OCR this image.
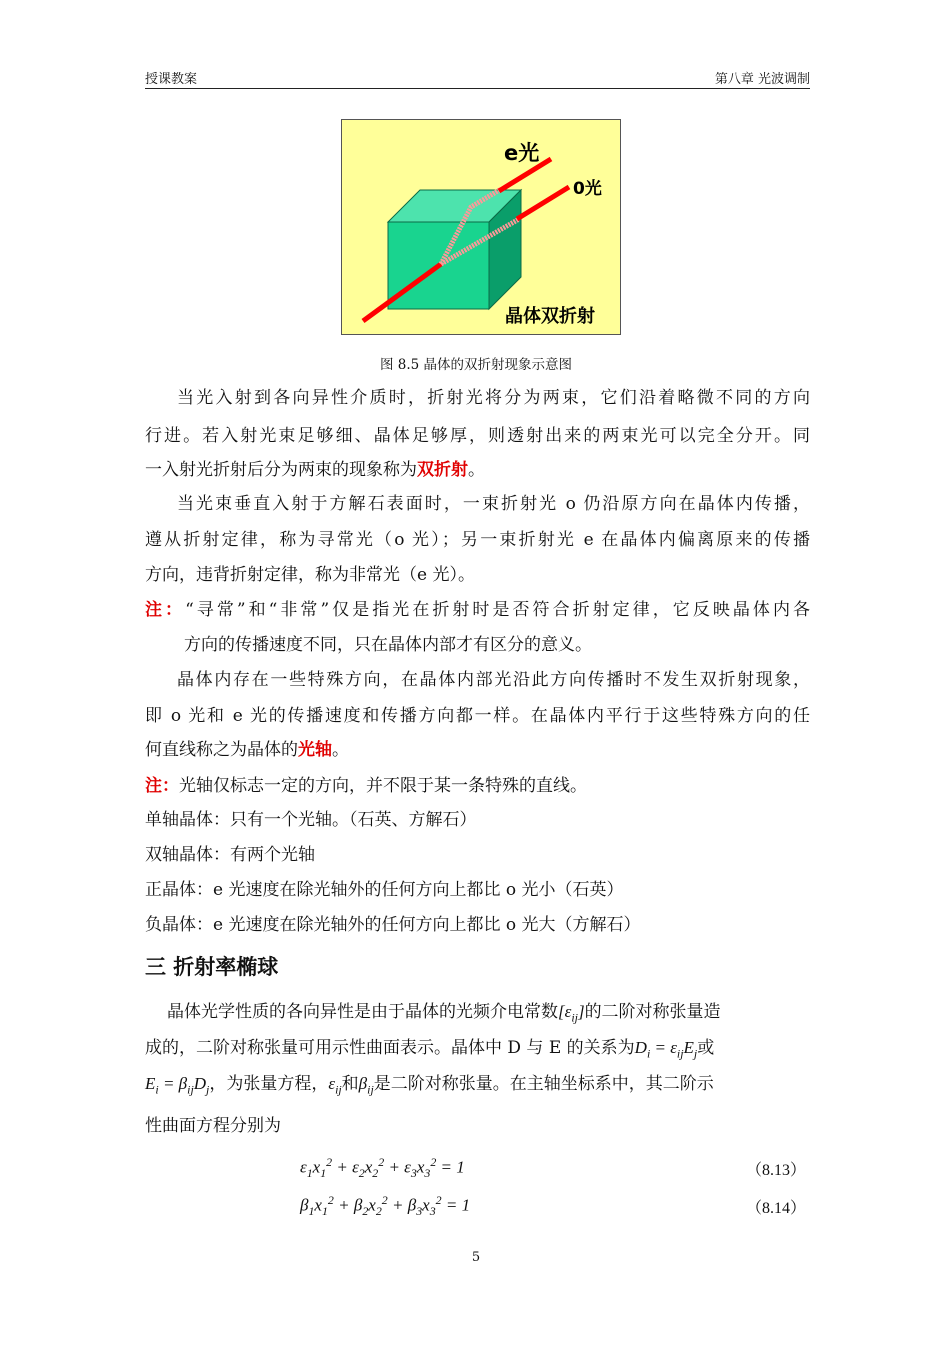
授课教案	第八章 光波调制
e光
0光
晶体双折射
图 8.5 晶体的双折射现象示意图
当光入射到各向异性介质时，折射光将分为两束，它们沿着略微不同的方向
行进。若入射光束足够细、晶体足够厚，则透射出来的两束光可以完全分开。同
一入射光折射后分为两束的现象称为双折射。
当光束垂直入射于方解石表面时，一束折射光 o 仍沿原方向在晶体内传播，
遵从折射定律，称为寻常光（o 光）；另一束折射光 e 在晶体内偏离原来的传播
方向，违背折射定律，称为非常光（e 光）。
注：“寻常”和“非常”仅是指光在折射时是否符合折射定律，它反映晶体内各
方向的传播速度不同，只在晶体内部才有区分的意义。
晶体内存在一些特殊方向，在晶体内部光沿此方向传播时不发生双折射现象，
即 o 光和 e 光的传播速度和传播方向都一样。在晶体内平行于这些特殊方向的任
何直线称之为晶体的光轴。
注：光轴仅标志一定的方向，并不限于某一条特殊的直线。
单轴晶体：只有一个光轴。（石英、方解石）
双轴晶体：有两个光轴
正晶体：e 光速度在除光轴外的任何方向上都比 o 光小（石英）
负晶体：e 光速度在除光轴外的任何方向上都比 o 光大（方解石）
三 折射率椭球
晶体光学性质的各向异性是由于晶体的光频介电常数$[\varepsilon_{ij}]$的二阶对称张量造
成的，二阶对称张量可用示性曲面表示。晶体中 D 与 E 的关系为$D_i = \varepsilon_{ij}E_j$或
$E_i = \beta_{ij}D_j$，为张量方程，$\varepsilon_{ij}$和$\beta_{ij}$是二阶对称张量。在主轴坐标系中，其二阶示
性曲面方程分别为
$\varepsilon_1x_1^2 + \varepsilon_2x_2^2 + \varepsilon_3x_3^2 = 1$	（8.13）
$\beta_1x_1^2 + \beta_2x_2^2 + \beta_3x_3^2 = 1$	（8.14）
5
